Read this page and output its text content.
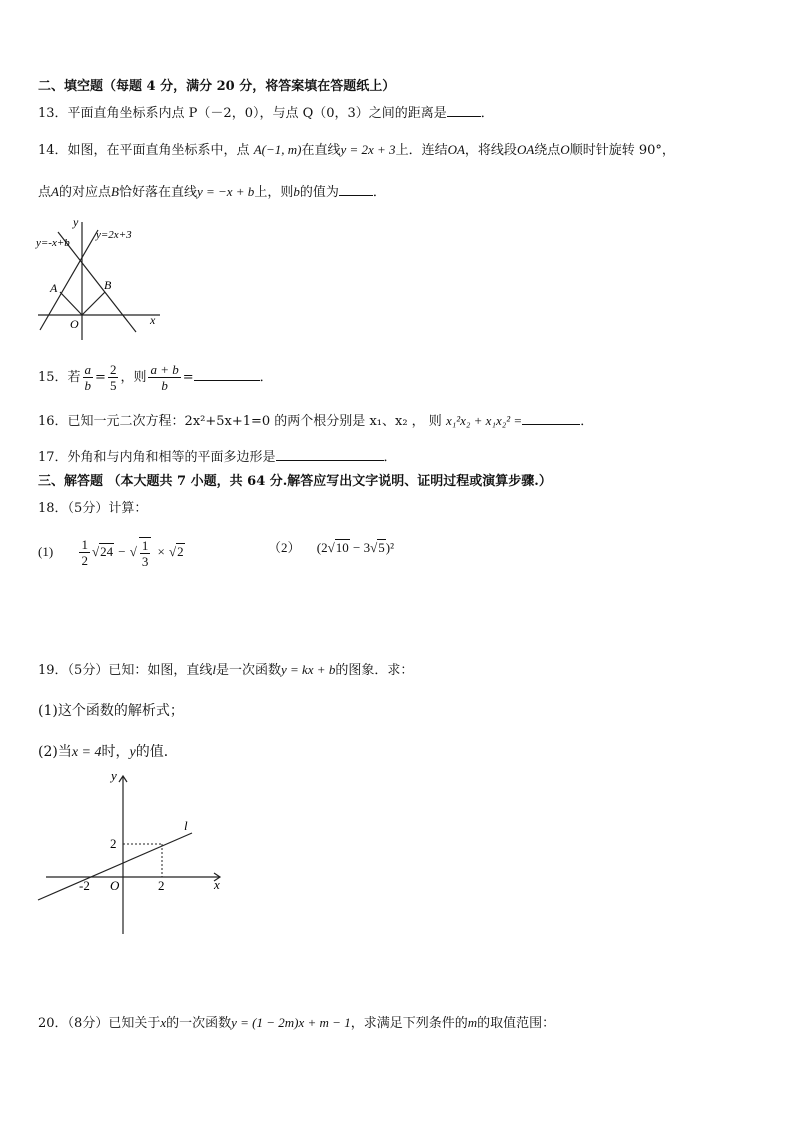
二、填空题（每题 4 分，满分 20 分，将答案填在答题纸上）
13．平面直角坐标系内点 P（－2，0），与点 Q（0，3）之间的距离是	．
14．如图，在平面直角坐标系中，点 A(−1, m)在直线y = 2x + 3上．连结OA，将线段OA绕点O顺时针旋转 90°，
点A的对应点B恰好落在直线y = −x + b上，则b的值为	．
y
x
O
A	B
y=2x+3
y=-x+b
15．若 $\frac{a}{b} = \frac{2}{5}$ ，则 $\frac{a + b}{b}$ =	．
16．已知一元二次方程：2x²+5x+1=0 的两个根分别是 x₁、x₂ ， 则 x₁²x₂ + x₁x₂² =	．
17．外角和与内角和相等的平面多边形是	．
三、解答题 （本大题共 7 小题，共 64 分.解答应写出文字说明、证明过程或演算步骤.）
18．（5分）计算：
$(1) \frac{1}{2} √24$ − √ $\frac{1}{3} \times √2$	（2） (2√10 − 3√5)²
19．（5分）已知：如图，直线l是一次函数y = kx + b的图象．求：
(1)这个函数的解析式；
(2)当x = 4时，y的值．
y
x
O
l
-2	2
2
20．（8分）已知关于x的一次函数y = (1 − 2m)x + m − 1，求满足下列条件的m的取值范围：
